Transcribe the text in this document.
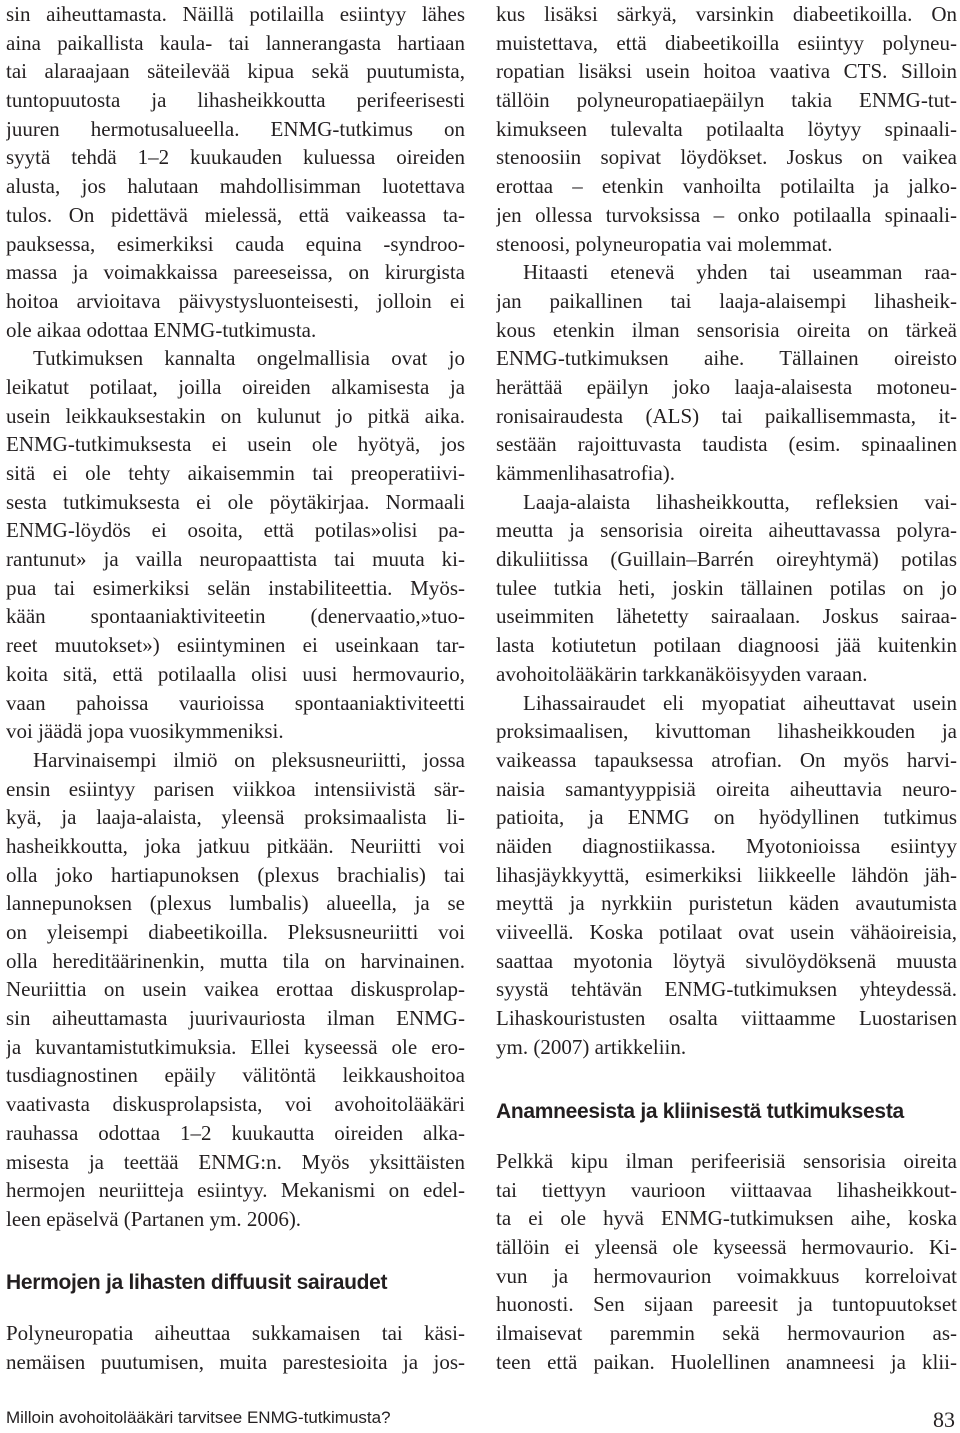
sin aiheuttamasta. Näillä potilailla esiintyy lähes
aina paikallista kaula- tai lannerangasta hartiaan
tai alaraajaan säteilevää kipua sekä puutumista,
tuntopuutosta ja lihasheikkoutta perifeerisesti
juuren hermotusalueella. ENMG-tutkimus on
syytä tehdä 1–2 kuukauden kuluessa oireiden
alusta, jos halutaan mahdollisimman luotettava
tulos. On pidettävä mielessä, että vaikeassa ta-
pauksessa, esimerkiksi cauda equina -syndroo-
massa ja voimakkaissa pareeseissa, on kirurgista
hoitoa arvioitava päivystysluonteisesti, jolloin ei
ole aikaa odottaa ENMG-tutkimusta.
Tutkimuksen kannalta ongelmallisia ovat jo
leikatut potilaat, joilla oireiden alkamisesta ja
usein leikkauksestakin on kulunut jo pitkä aika.
ENMG-tutkimuksesta ei usein ole hyötyä, jos
sitä ei ole tehty aikaisemmin tai preoperatiivi-
sesta tutkimuksesta ei ole pöytäkirjaa. Normaali
ENMG-löydös ei osoita, että potilas»olisi pa-
rantunut» ja vailla neuropaattista tai muuta ki-
pua tai esimerkiksi selän instabiliteettia. Myös-
kään spontaaniaktiviteetin (denervaatio,»tuo-
reet muutokset») esiintyminen ei useinkaan tar-
koita sitä, että potilaalla olisi uusi hermovaurio,
vaan pahoissa vaurioissa spontaaniaktiviteetti
voi jäädä jopa vuosikymmeniksi.
Harvinaisempi ilmiö on pleksusneuriitti, jossa
ensin esiintyy parisen viikkoa intensiivistä sär-
kyä, ja laaja-alaista, yleensä proksimaalista li-
hasheikkoutta, joka jatkuu pitkään. Neuriitti voi
olla joko hartiapunoksen (plexus brachialis) tai
lannepunoksen (plexus lumbalis) alueella, ja se
on yleisempi diabeetikoilla. Pleksusneuriitti voi
olla hereditäärinenkin, mutta tila on harvinainen.
Neuriittia on usein vaikea erottaa diskusprolap-
sin aiheuttamasta juurivauriosta ilman ENMG-
ja kuvantamistutkimuksia. Ellei kyseessä ole ero-
tusdiagnostinen epäily välitöntä leikkaushoitoa
vaativasta diskusprolapsista, voi avohoitolääkäri
rauhassa odottaa 1–2 kuukautta oireiden alka-
misesta ja teettää ENMG:n. Myös yksittäisten
hermojen neuriitteja esiintyy. Mekanismi on edel-
leen epäselvä (Partanen ym. 2006).
Hermojen ja lihasten diffuusit sairaudet
Polyneuropatia aiheuttaa sukkamaisen tai käsi-
nemäisen puutumisen, muita parestesioita ja jos-
kus lisäksi särkyä, varsinkin diabeetikoilla. On
muistettava, että diabeetikoilla esiintyy polyneu-
ropatian lisäksi usein hoitoa vaativa CTS. Silloin
tällöin polyneuropatiaepäilyn takia ENMG-tut-
kimukseen tulevalta potilaalta löytyy spinaali-
stenoosiin sopivat löydökset. Joskus on vaikea
erottaa – etenkin vanhoilta potilailta ja jalko-
jen ollessa turvoksissa – onko potilaalla spinaali-
stenoosi, polyneuropatia vai molemmat.
Hitaasti etenevä yhden tai useamman raa-
jan paikallinen tai laaja-alaisempi lihasheik-
kous etenkin ilman sensorisia oireita on tärkeä
ENMG-tutkimuksen aihe. Tällainen oireisto
herättää epäilyn joko laaja-alaisesta motoneu-
ronisairaudesta (ALS) tai paikallisemmasta, it-
sestään rajoittuvasta taudista (esim. spinaalinen
kämmenlihasatrofia).
Laaja-alaista lihasheikkoutta, refleksien vai-
meutta ja sensorisia oireita aiheuttavassa polyra-
dikuliitissa (Guillain–Barrén oireyhtymä) potilas
tulee tutkia heti, joskin tällainen potilas on jo
useimmiten lähetetty sairaalaan. Joskus sairaa-
lasta kotiutetun potilaan diagnoosi jää kuitenkin
avohoitolääkärin tarkkanäköisyyden varaan.
Lihassairaudet eli myopatiat aiheuttavat usein
proksimaalisen, kivuttoman lihasheikkouden ja
vaikeassa tapauksessa atrofian. On myös harvi-
naisia samantyyppisiä oireita aiheuttavia neuro-
patioita, ja ENMG on hyödyllinen tutkimus
näiden diagnostiikassa. Myotonioissa esiintyy
lihasjäykkyyttä, esimerkiksi liikkeelle lähdön jäh-
meyttä ja nyrkkiin puristetun käden avautumista
viiveellä. Koska potilaat ovat usein vähäoireisia,
saattaa myotonia löytyä sivulöydöksenä muusta
syystä tehtävän ENMG-tutkimuksen yhteydessä.
Lihaskouristusten osalta viittaamme Luostarisen
ym. (2007) artikkeliin.
Anamneesista ja kliinisestä tutkimuksesta
Pelkkä kipu ilman perifeerisiä sensorisia oireita
tai tiettyyn vaurioon viittaavaa lihasheikkout-
ta ei ole hyvä ENMG-tutkimuksen aihe, koska
tällöin ei yleensä ole kyseessä hermovaurio. Ki-
vun ja hermovaurion voimakkuus korreloivat
huonosti. Sen sijaan pareesit ja tuntopuutokset
ilmaisevat paremmin sekä hermovaurion as-
teen että paikan. Huolellinen anamneesi ja klii-
Milloin avohoitolääkäri tarvitsee ENMG-tutkimusta?	83
